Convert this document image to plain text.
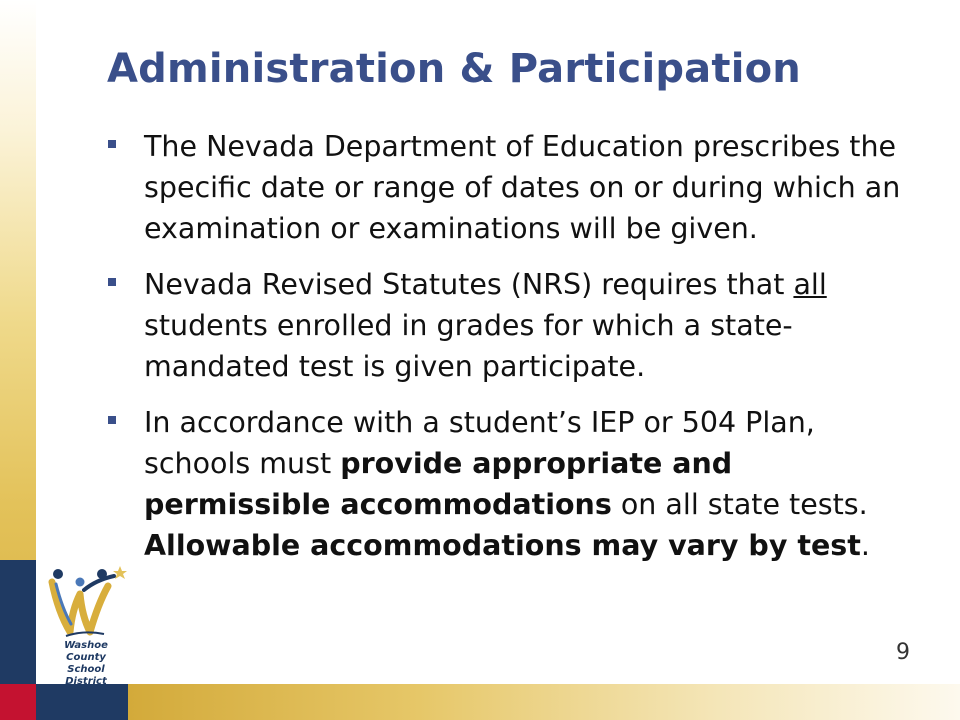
Administration & Participation
The Nevada Department of Education prescribes the specific date or range of dates on or during which an examination or examinations will be given.
Nevada Revised Statutes (NRS) requires that all students enrolled in grades for which a state-mandated test is given participate.
In accordance with a student’s IEP or 504 Plan, schools must provide appropriate and permissible accommodations on all state tests. Allowable accommodations may vary by test.
Washoe County
School District
9
